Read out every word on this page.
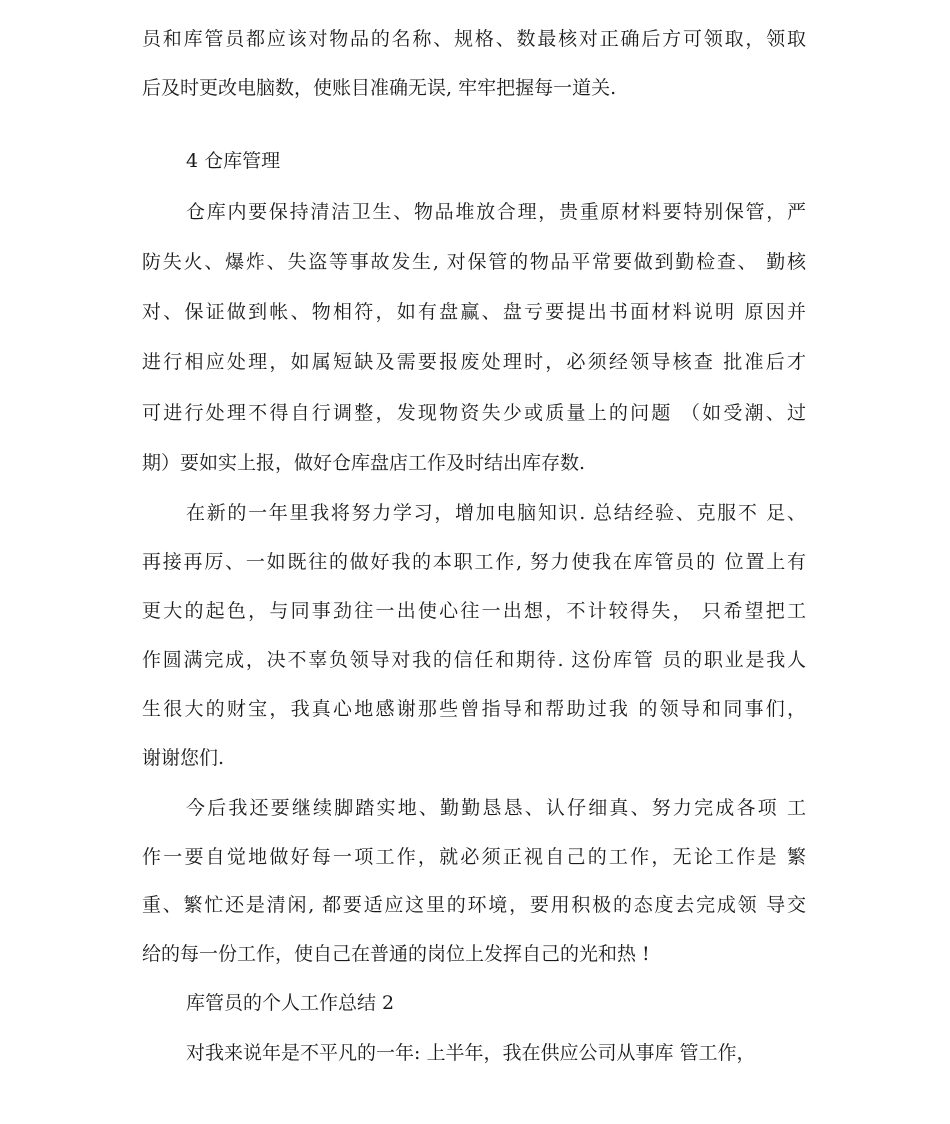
员和库管员都应该对物品的名称、规格、数最核对正确后方可领取，领取
后及时更改电脑数，使账目准确无误, 牢牢把握每一道关.
4 仓库管理
仓库内要保持清洁卫生、物品堆放合理，贵重原材料要特别保管，严
防失火、爆炸、失盗等事故发生, 对保管的物品平常要做到勤检查、 勤核
对、保证做到帐、物相符，如有盘赢、盘亏要提出书面材料说明 原因并
进行相应处理，如属短缺及需要报废处理时，必须经领导核查 批准后才
可进行处理不得自行调整，发现物资失少或质量上的问题 （如受潮、过
期）要如实上报，做好仓库盘店工作及时结出库存数.
在新的一年里我将努力学习，增加电脑知识. 总结经验、克服不 足、
再接再厉、一如既往的做好我的本职工作, 努力使我在库管员的 位置上有
更大的起色，与同事劲往一出使心往一出想，不计较得失， 只希望把工
作圆满完成，决不辜负领导对我的信任和期待. 这份库管 员的职业是我人
生很大的财宝，我真心地感谢那些曾指导和帮助过我 的领导和同事们，
谢谢您们.
今后我还要继续脚踏实地、勤勤恳恳、认仔细真、努力完成各项 工
作一要自觉地做好每一项工作，就必须正视自己的工作，无论工作是 繁
重、繁忙还是清闲, 都要适应这里的环境，要用积极的态度去完成领 导交
给的每一份工作，使自己在普通的岗位上发挥自己的光和热 !
库管员的个人工作总结 2
对我来说年是不平凡的一年: 上半年，我在供应公司从事库 管工作，
